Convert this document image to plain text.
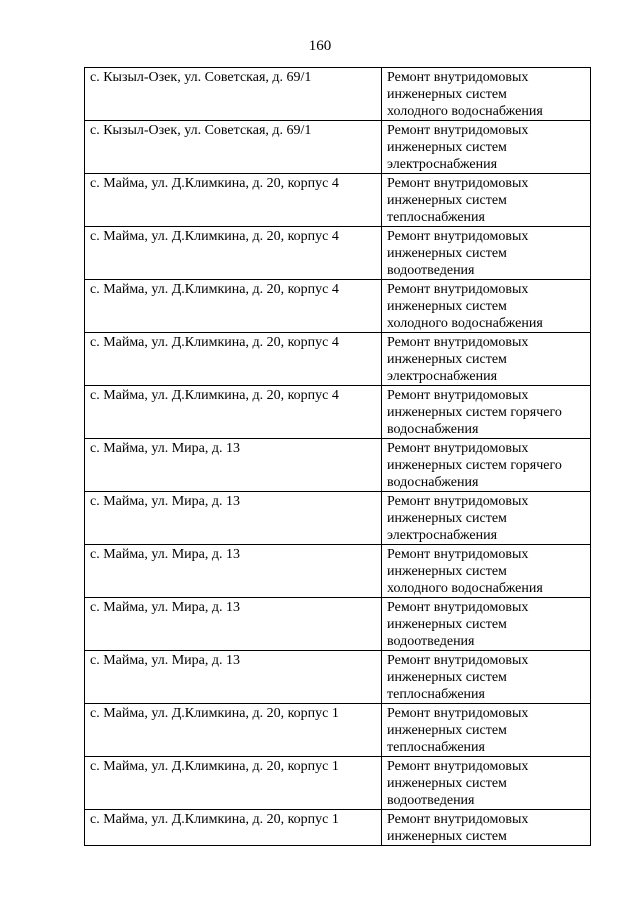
160
с. Кызыл-Озек, ул. Советская, д. 69/1	Ремонт внутридомовых
инженерных систем
холодного водоснабжения

с. Кызыл-Озек, ул. Советская, д. 69/1	Ремонт внутридомовых
инженерных систем
электроснабжения

с. Майма, ул. Д.Климкина, д. 20, корпус 4	Ремонт внутридомовых
инженерных систем
теплоснабжения

с. Майма, ул. Д.Климкина, д. 20, корпус 4	Ремонт внутридомовых
инженерных систем
водоотведения

с. Майма, ул. Д.Климкина, д. 20, корпус 4	Ремонт внутридомовых
инженерных систем
холодного водоснабжения

с. Майма, ул. Д.Климкина, д. 20, корпус 4	Ремонт внутридомовых
инженерных систем
электроснабжения

с. Майма, ул. Д.Климкина, д. 20, корпус 4	Ремонт внутридомовых
инженерных систем горячего
водоснабжения

с. Майма, ул. Мира, д. 13	Ремонт внутридомовых
инженерных систем горячего
водоснабжения

с. Майма, ул. Мира, д. 13	Ремонт внутридомовых
инженерных систем
электроснабжения

с. Майма, ул. Мира, д. 13	Ремонт внутридомовых
инженерных систем
холодного водоснабжения

с. Майма, ул. Мира, д. 13	Ремонт внутридомовых
инженерных систем
водоотведения

с. Майма, ул. Мира, д. 13	Ремонт внутридомовых
инженерных систем
теплоснабжения

с. Майма, ул. Д.Климкина, д. 20, корпус 1	Ремонт внутридомовых
инженерных систем
теплоснабжения

с. Майма, ул. Д.Климкина, д. 20, корпус 1	Ремонт внутридомовых
инженерных систем
водоотведения

с. Майма, ул. Д.Климкина, д. 20, корпус 1	Ремонт внутридомовых
инженерных систем
